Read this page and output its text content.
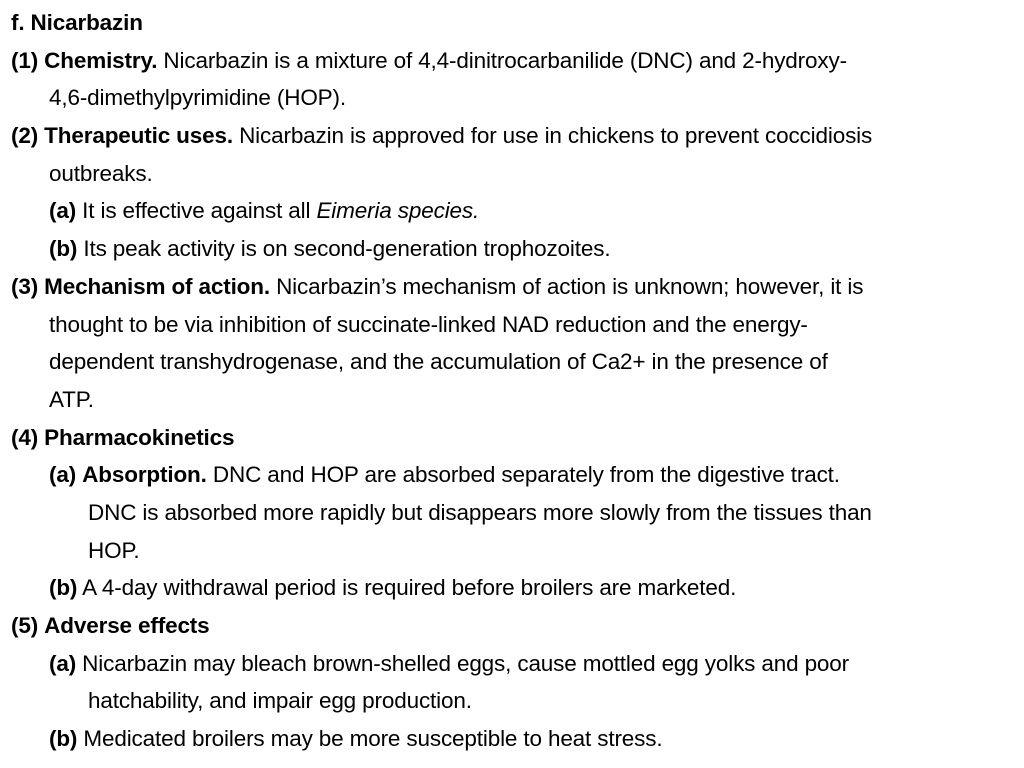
f. Nicarbazin
(1) Chemistry. Nicarbazin is a mixture of 4,4-dinitrocarbanilide (DNC) and 2-hydroxy-
4,6-dimethylpyrimidine (HOP).
(2) Therapeutic uses. Nicarbazin is approved for use in chickens to prevent coccidiosis
outbreaks.
(a) It is effective against all Eimeria species.
(b) Its peak activity is on second-generation trophozoites.
(3) Mechanism of action. Nicarbazin’s mechanism of action is unknown; however, it is
thought to be via inhibition of succinate-linked NAD reduction and the energy-
dependent transhydrogenase, and the accumulation of Ca2+ in the presence of
ATP.
(4) Pharmacokinetics
(a) Absorption. DNC and HOP are absorbed separately from the digestive tract.
DNC is absorbed more rapidly but disappears more slowly from the tissues than
HOP.
(b) A 4-day withdrawal period is required before broilers are marketed.
(5) Adverse effects
(a) Nicarbazin may bleach brown-shelled eggs, cause mottled egg yolks and poor
hatchability, and impair egg production.
(b) Medicated broilers may be more susceptible to heat stress.
